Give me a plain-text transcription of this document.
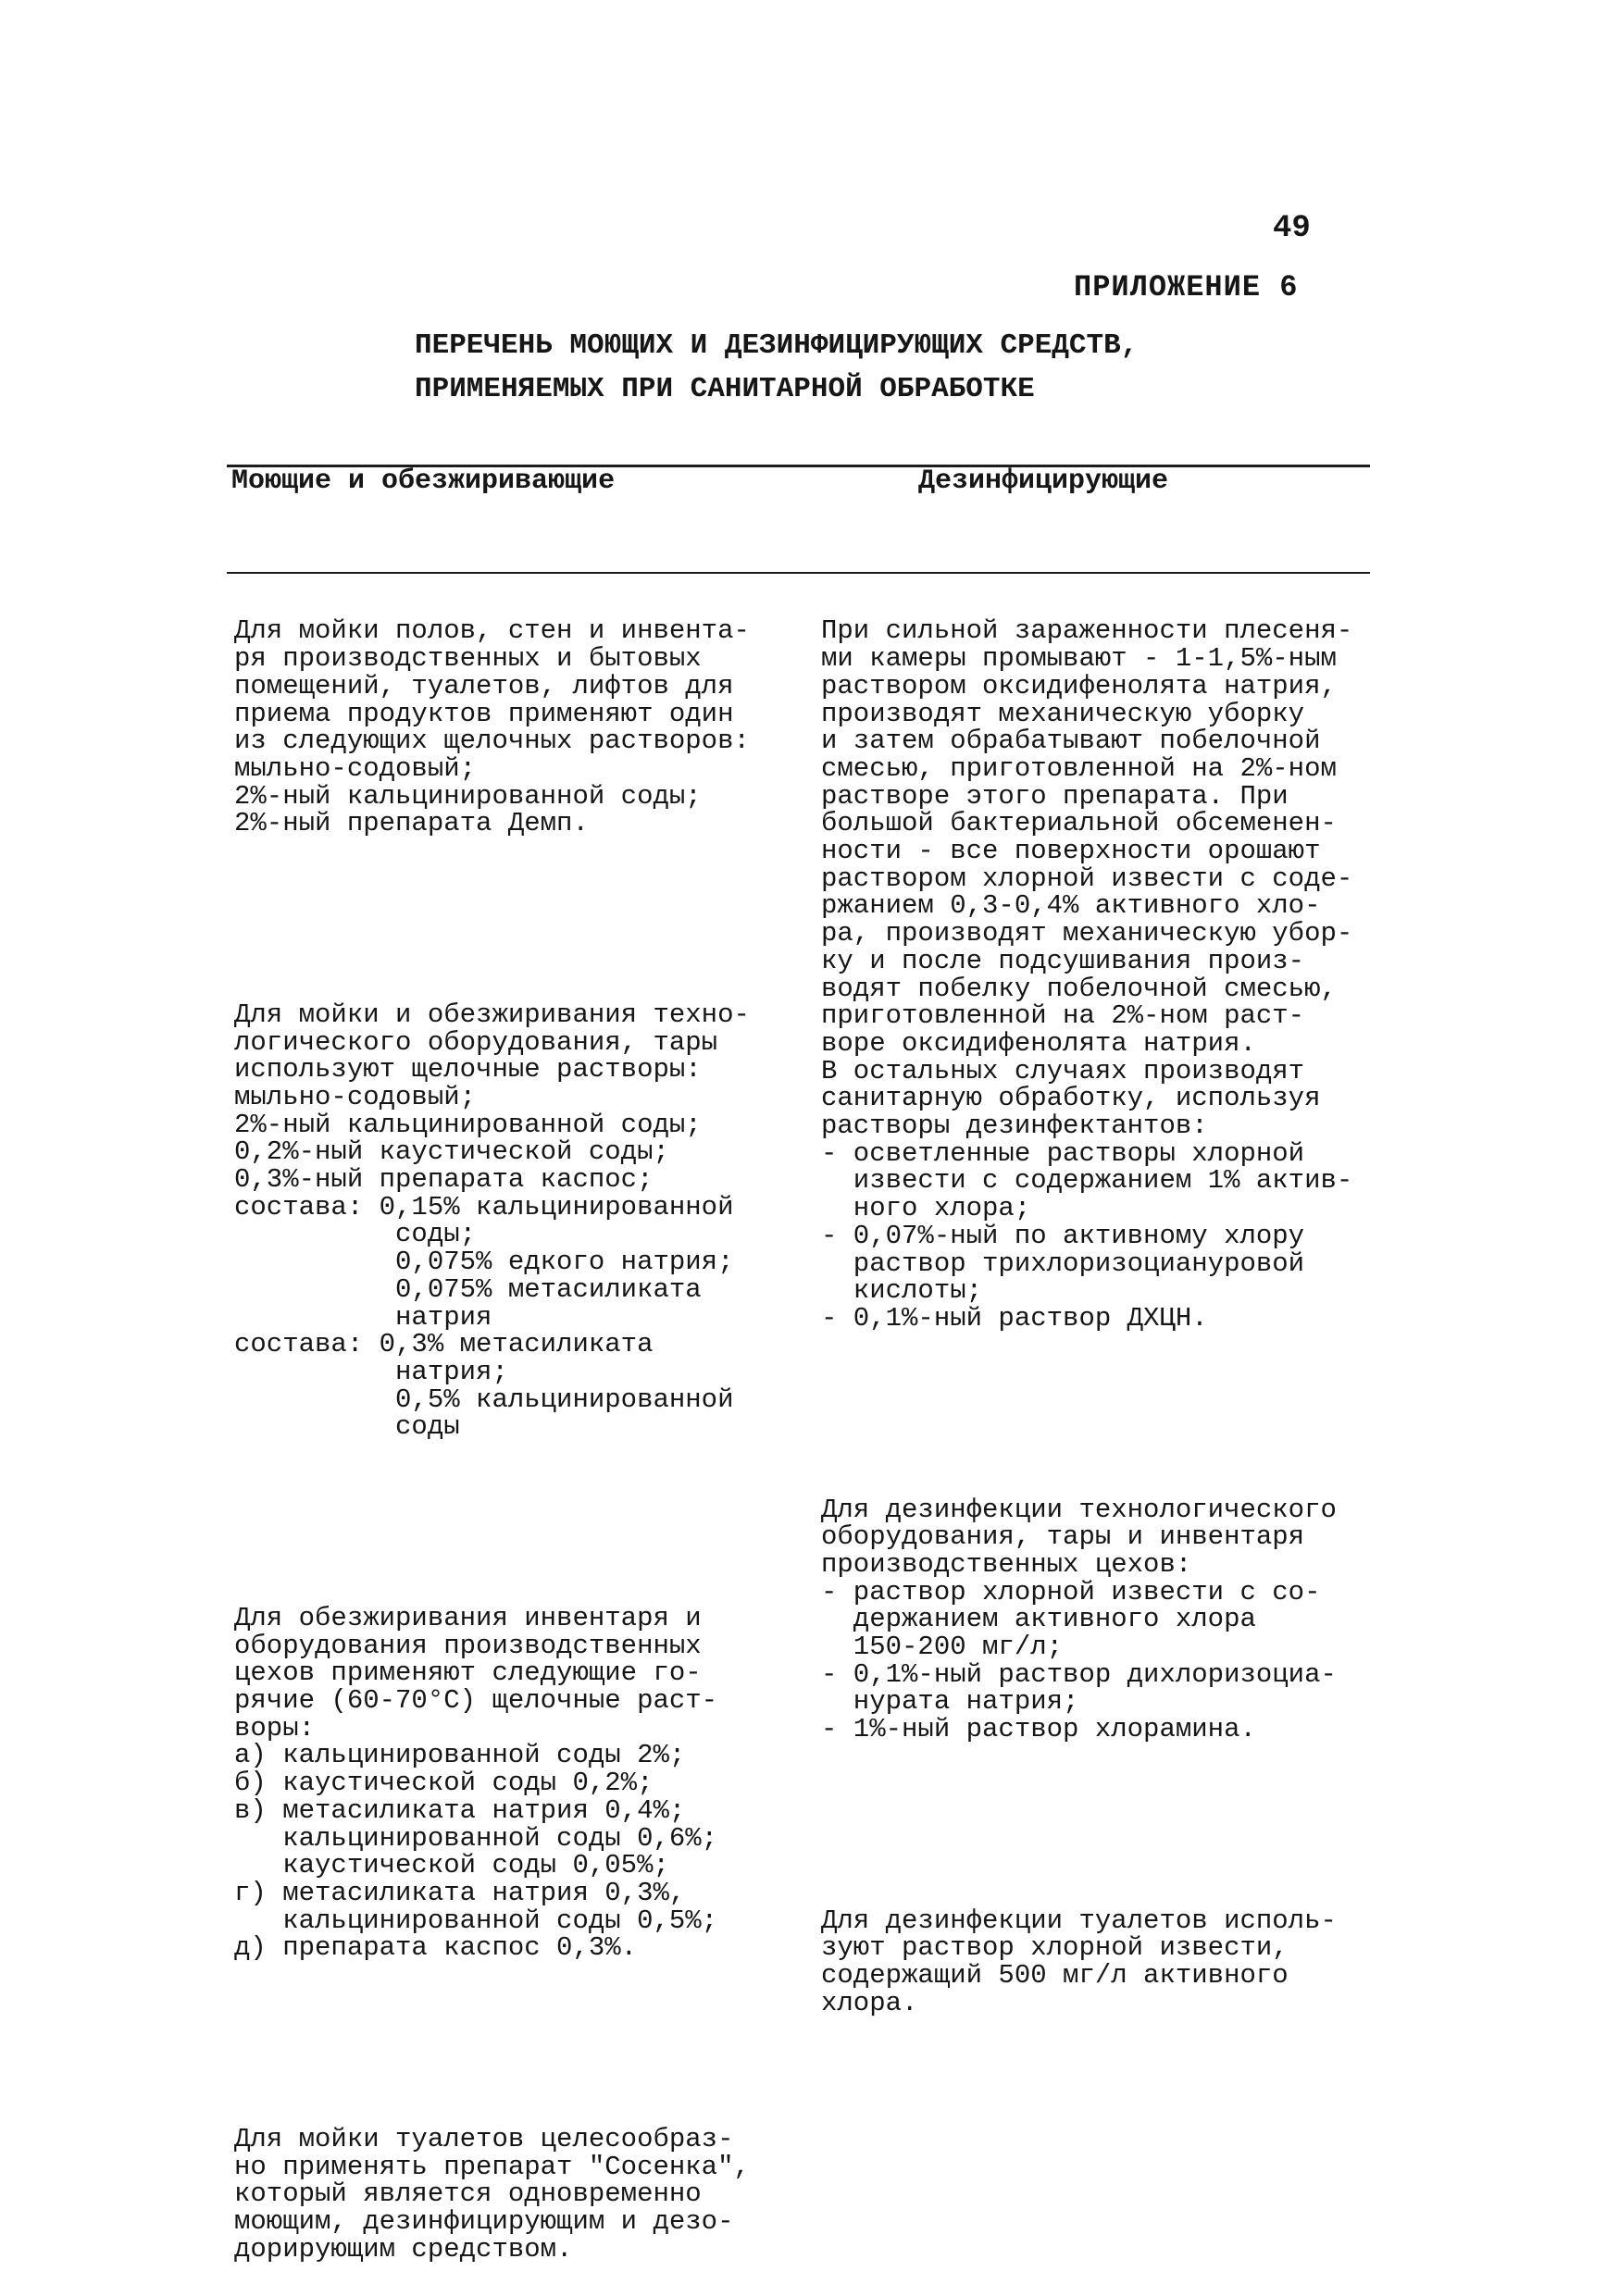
49
ПРИЛОЖЕНИЕ 6
ПЕРЕЧЕНЬ МОЮЩИХ И ДЕЗИНФИЦИРУЮЩИХ СРЕДСТВ,
ПРИМЕНЯЕМЫХ ПРИ САНИТАРНОЙ ОБРАБОТКЕ
Моющие и обезжиривающие	Дезинфицирующие

Для мойки полов, стен и инвента-
ря производственных и бытовых
помещений, туалетов, лифтов для
приема продуктов применяют один
из следующих щелочных растворов:
мыльно-содовый;
2%-ный кальцинированной соды;
2%-ный препарата Демп.

Для мойки и обезжиривания техно-
логического оборудования, тары
используют щелочные растворы:
мыльно-содовый;
2%-ный кальцинированной соды;
0,2%-ный каустической соды;
0,3%-ный препарата каспос;
состава: 0,15% кальцинированной
соды;
0,075% едкого натрия;
0,075% метасиликата
натрия
состава: 0,3% метасиликата
натрия;
0,5% кальцинированной
соды

Для обезжиривания инвентаря и
оборудования производственных
цехов применяют следующие го-
рячие (60-70°С) щелочные раст-
воры:
а) кальцинированной соды 2%;
б) каустической соды 0,2%;
в) метасиликата натрия 0,4%;
кальцинированной соды 0,6%;
каустической соды 0,05%;
г) метасиликата натрия 0,3%,
кальцинированной соды 0,5%;
д) препарата каспос 0,3%.

Для мойки туалетов целесообраз-
но применять препарат "Сосенка",
который является одновременно
моющим, дезинфицирующим и дезо-
дорирующим средством.

При сильной зараженности плесеня-
ми камеры промывают - 1-1,5%-ным
раствором оксидифенолята натрия,
производят механическую уборку
и затем обрабатывают побелочной
смесью, приготовленной на 2%-ном
растворе этого препарата. При
большой бактериальной обсеменен-
ности - все поверхности орошают
раствором хлорной извести с соде-
ржанием 0,3-0,4% активного хло-
ра, производят механическую убор-
ку и после подсушивания произ-
водят побелку побелочной смесью,
приготовленной на 2%-ном раст-
воре оксидифенолята натрия.
В остальных случаях производят
санитарную обработку, используя
растворы дезинфектантов:
- осветленные растворы хлорной
извести с содержанием 1% актив-
ного хлора;
- 0,07%-ный по активному хлору
раствор трихлоризоциануровой
кислоты;
- 0,1%-ный раствор ДХЦН.

Для дезинфекции технологического
оборудования, тары и инвентаря
производственных цехов:
- раствор хлорной извести с со-
держанием активного хлора
150-200 мг/л;
- 0,1%-ный раствор дихлоризоциа-
нурата натрия;
- 1%-ный раствор хлорамина.

Для дезинфекции туалетов исполь-
зуют раствор хлорной извести,
содержащий 500 мг/л активного
хлора.
